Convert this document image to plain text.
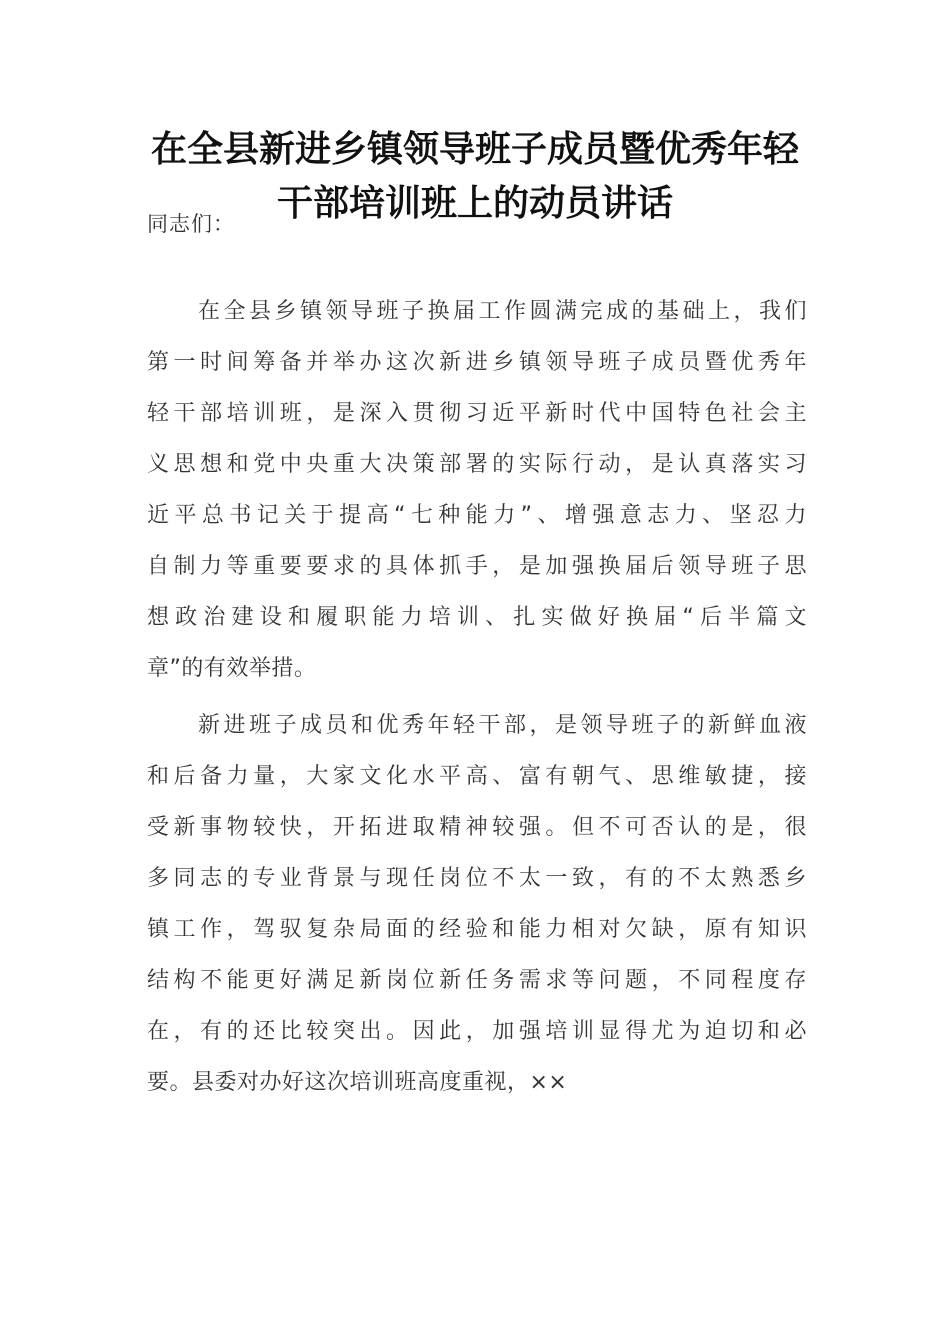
在全县新进乡镇领导班子成员暨优秀年轻
干部培训班上的动员讲话
同志们：
　　在全县乡镇领导班子换届工作圆满完成的基础上，我们
第一时间筹备并举办这次新进乡镇领导班子成员暨优秀年
轻干部培训班，是深入贯彻习近平新时代中国特色社会主
义思想和党中央重大决策部署的实际行动，是认真落实习
近平总书记关于提高“七种能力”、增强意志力、坚忍力
自制力等重要要求的具体抓手，是加强换届后领导班子思
想政治建设和履职能力培训、扎实做好换届“后半篇文
章”的有效举措。
　　新进班子成员和优秀年轻干部，是领导班子的新鲜血液
和后备力量，大家文化水平高、富有朝气、思维敏捷，接
受新事物较快，开拓进取精神较强。但不可否认的是，很
多同志的专业背景与现任岗位不太一致，有的不太熟悉乡
镇工作，驾驭复杂局面的经验和能力相对欠缺，原有知识
结构不能更好满足新岗位新任务需求等问题，不同程度存
在，有的还比较突出。因此，加强培训显得尤为迫切和必
要。县委对办好这次培训班高度重视，××
